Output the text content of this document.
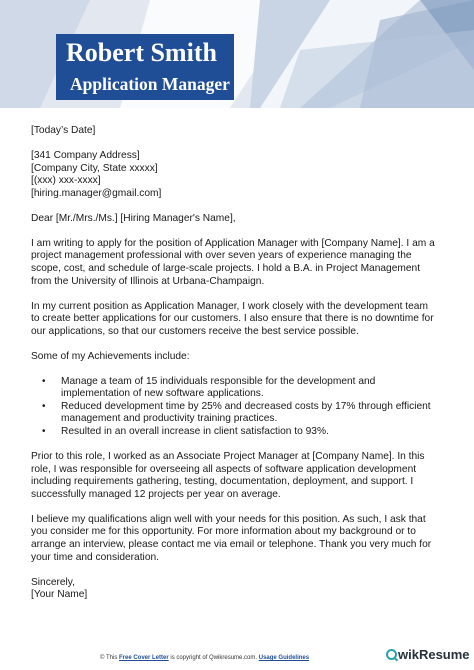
Robert Smith
Application Manager

[Today’s Date]

[341 Company Address]

[Company City, State xxxxx]

[(xxx) xxx-xxxx]

[hiring.manager@gmail.com]

Dear [Mr./Mrs./Ms.] [Hiring Manager's Name],

I am writing to apply for the position of Application Manager with [Company Name]. I am a project management professional with over seven years of experience managing the scope, cost, and schedule of large-scale projects. I hold a B.A. in Project Management from the University of Illinois at Urbana-Champaign.

In my current position as Application Manager, I work closely with the development team to create better applications for our customers. I also ensure that there is no downtime for our applications, so that our customers receive the best service possible.

Some of my Achievements include:

• Manage a team of 15 individuals responsible for the development and implementation of new software applications.
• Reduced development time by 25% and decreased costs by 17% through efficient management and productivity training practices.
• Resulted in an overall increase in client satisfaction to 93%.

Prior to this role, I worked as an Associate Project Manager at [Company Name]. In this role, I was responsible for overseeing all aspects of software application development including requirements gathering, testing, documentation, deployment, and support. I successfully managed 12 projects per year on average.

I believe my qualifications align well with your needs for this position. As such, I ask that you consider me for this opportunity. For more information about my background or to arrange an interview, please contact me via email or telephone. Thank you very much for your time and consideration.

Sincerely,

[Your Name]

© This Free Cover Letter is copyright of Qwikresume.com. Usage Guidelines	wikResume
